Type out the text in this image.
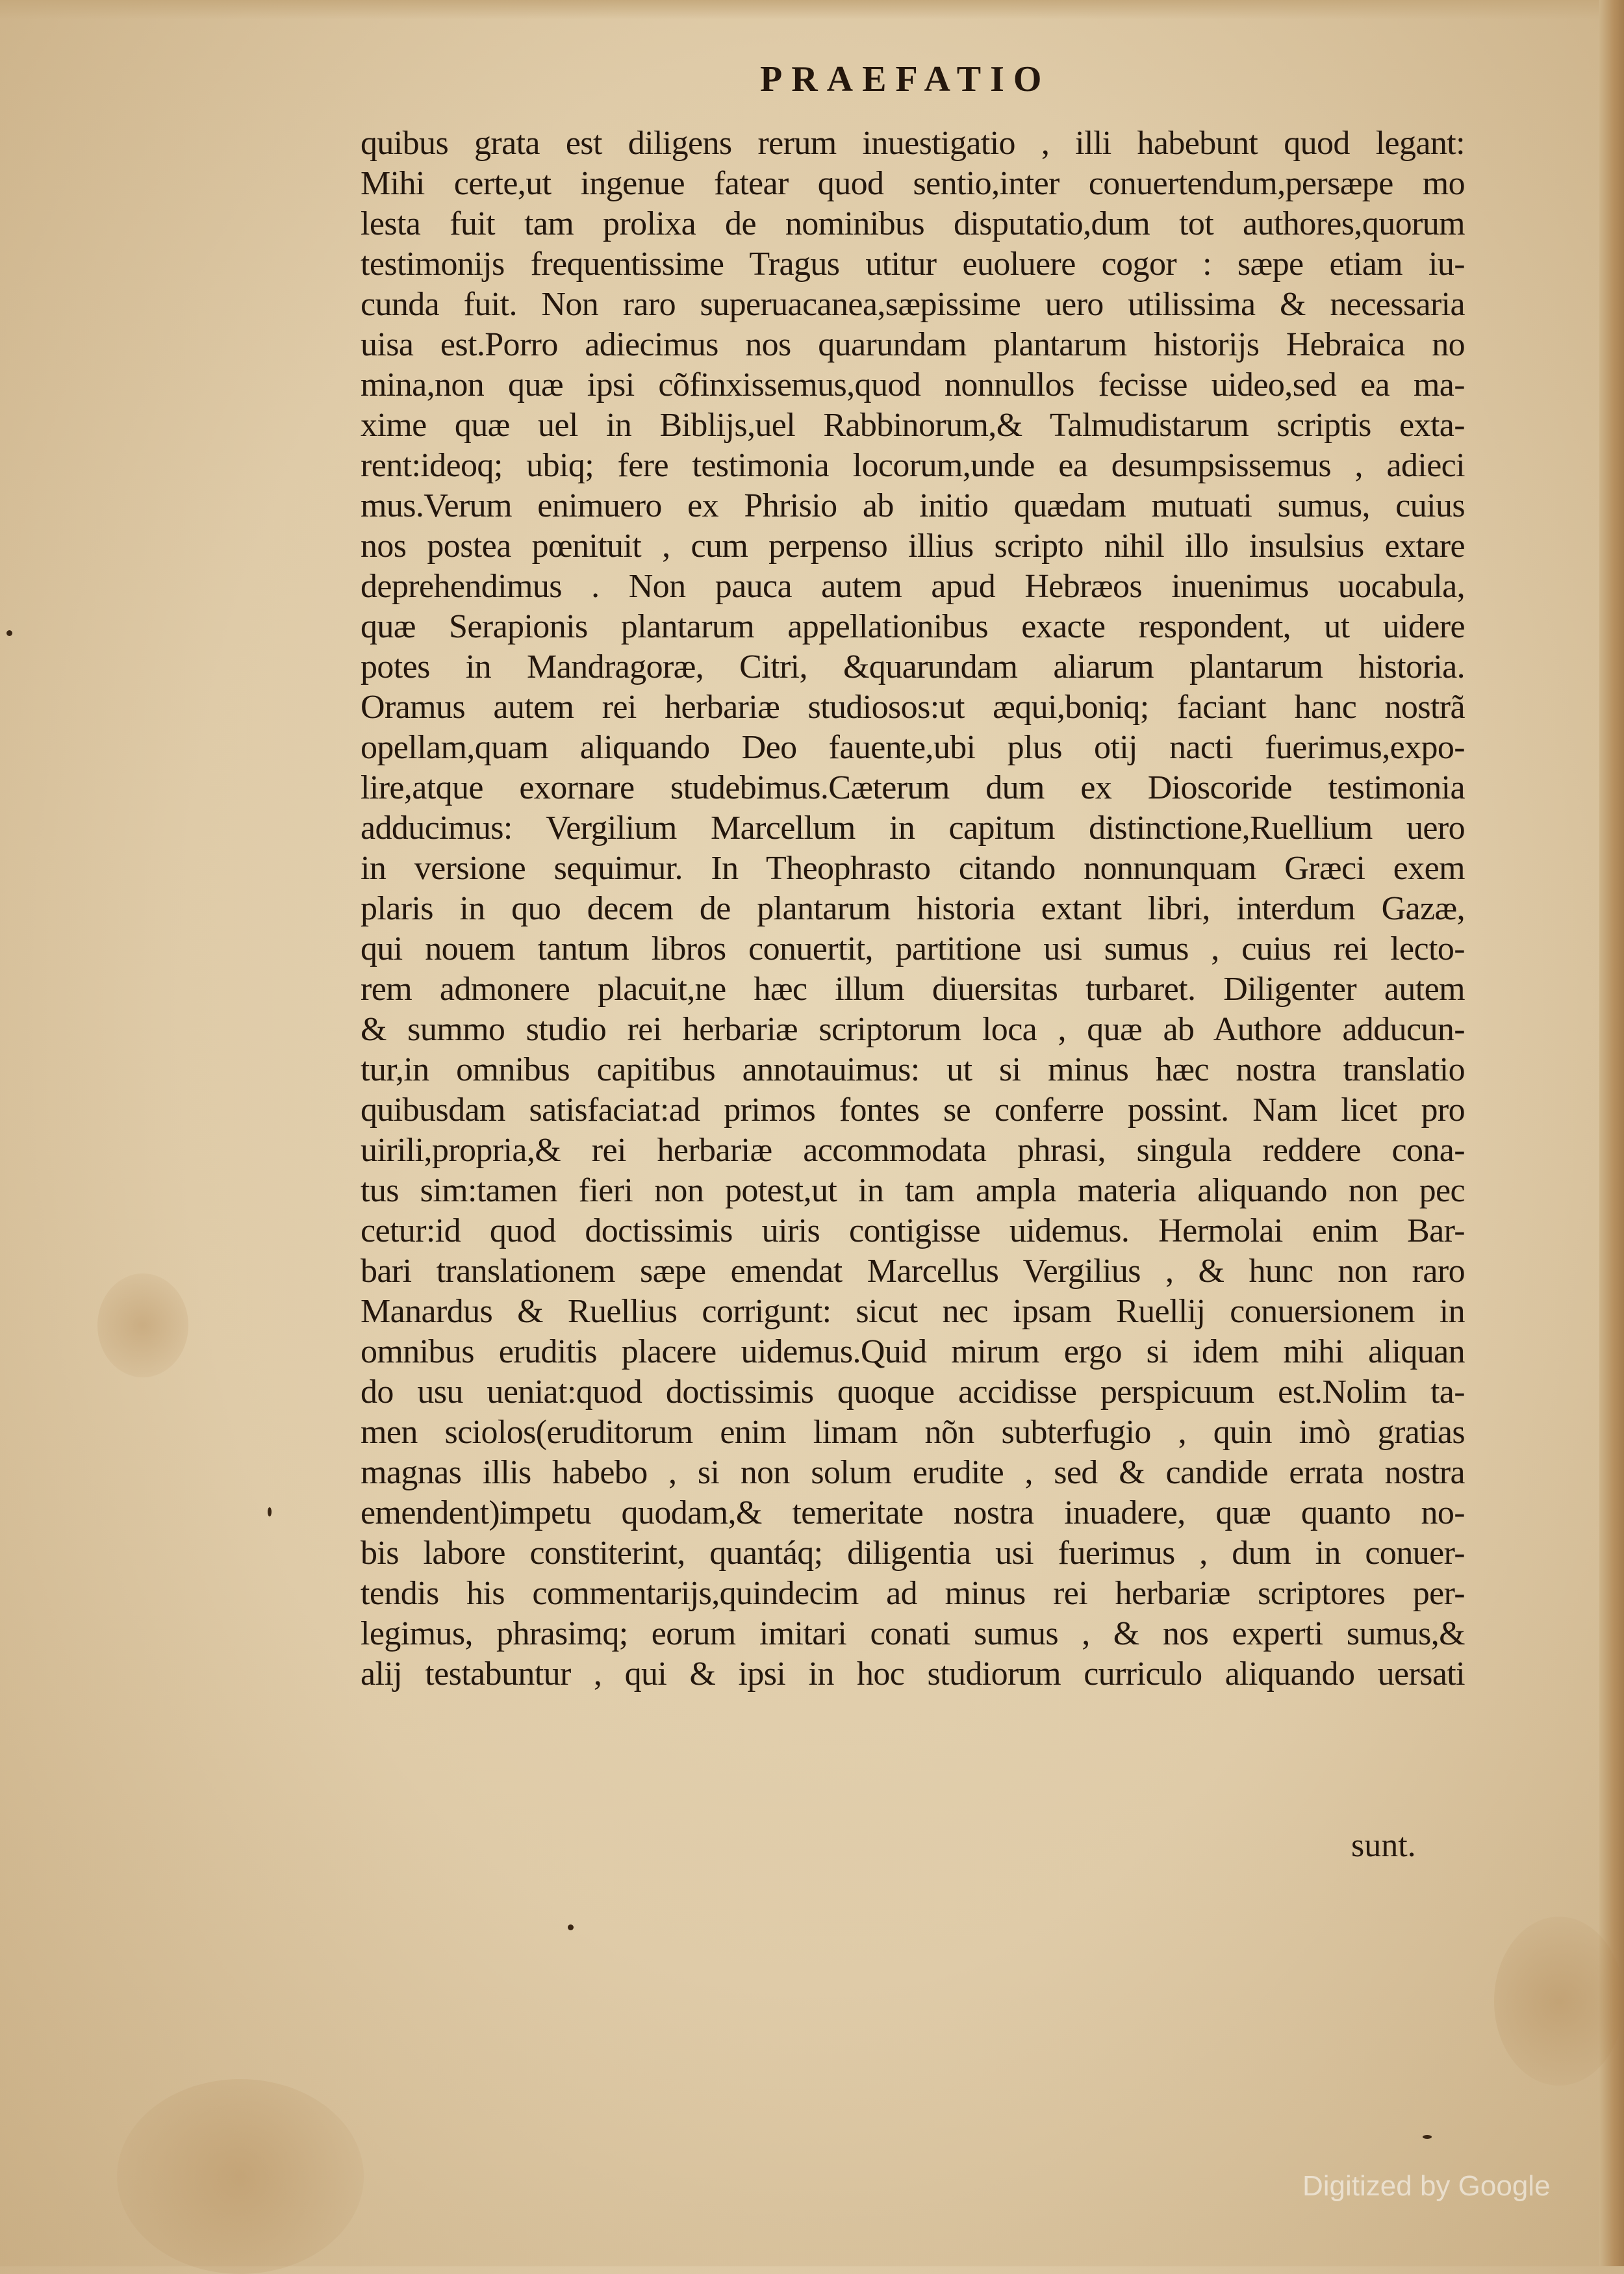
PRAEFATIO
quibus grata est diligens rerum inuestigatio , illi habebunt quod legant:
Mihi certe,ut ingenue fatear quod sentio,inter conuertendum,persæpe mo
lesta fuit tam prolixa de nominibus disputatio,dum tot authores,quorum
testimonijs frequentissime Tragus utitur euoluere cogor : sæpe etiam iu-
cunda fuit. Non raro superuacanea,sæpissime uero utilissima & necessaria
uisa est.Porro adiecimus nos quarundam plantarum historijs Hebraica no
mina,non quæ ipsi cõfinxissemus,quod nonnullos fecisse uideo,sed ea ma-
xime quæ uel in Biblijs,uel Rabbinorum,& Talmudistarum scriptis exta-
rent:ideoq; ubiq; fere testimonia locorum,unde ea desumpsissemus , adieci
mus.Verum enimuero ex Phrisio ab initio quædam mutuati sumus, cuius
nos postea pœnituit , cum perpenso illius scripto nihil illo insulsius extare
deprehendimus . Non pauca autem apud Hebræos inuenimus uocabula,
quæ Serapionis plantarum appellationibus exacte respondent, ut uidere
potes in Mandragoræ, Citri, &quarundam aliarum plantarum historia.
Oramus autem rei herbariæ studiosos:ut æqui,boniq; faciant hanc nostrã
opellam,quam aliquando Deo fauente,ubi plus otij nacti fuerimus,expo-
lire,atque exornare studebimus.Cæterum dum ex Dioscoride testimonia
adducimus: Vergilium Marcellum in capitum distinctione,Ruellium uero
in versione sequimur. In Theophrasto citando nonnunquam Græci exem
plaris in quo decem de plantarum historia extant libri, interdum Gazæ,
qui nouem tantum libros conuertit, partitione usi sumus , cuius rei lecto-
rem admonere placuit,ne hæc illum diuersitas turbaret. Diligenter autem
& summo studio rei herbariæ scriptorum loca , quæ ab Authore adducun-
tur,in omnibus capitibus annotauimus: ut si minus hæc nostra translatio
quibusdam satisfaciat:ad primos fontes se conferre possint. Nam licet pro
uirili,propria,& rei herbariæ accommodata phrasi, singula reddere cona-
tus sim:tamen fieri non potest,ut in tam ampla materia aliquando non pec
cetur:id quod doctissimis uiris contigisse uidemus. Hermolai enim Bar-
bari translationem sæpe emendat Marcellus Vergilius , & hunc non raro
Manardus & Ruellius corrigunt: sicut nec ipsam Ruellij conuersionem in
omnibus eruditis placere uidemus.Quid mirum ergo si idem mihi aliquan
do usu ueniat:quod doctissimis quoque accidisse perspicuum est.Nolim ta-
men sciolos(eruditorum enim limam nõn subterfugio , quin imò gratias
magnas illis habebo , si non solum erudite , sed & candide errata nostra
emendent)impetu quodam,& temeritate nostra inuadere, quæ quanto no-
bis labore constiterint, quantáq; diligentia usi fuerimus , dum in conuer-
tendis his commentarijs,quindecim ad minus rei herbariæ scriptores per-
legimus, phrasimq; eorum imitari conati sumus , & nos experti sumus,&
alij testabuntur , qui & ipsi in hoc studiorum curriculo aliquando uersati
sunt.
Digitized by Google
